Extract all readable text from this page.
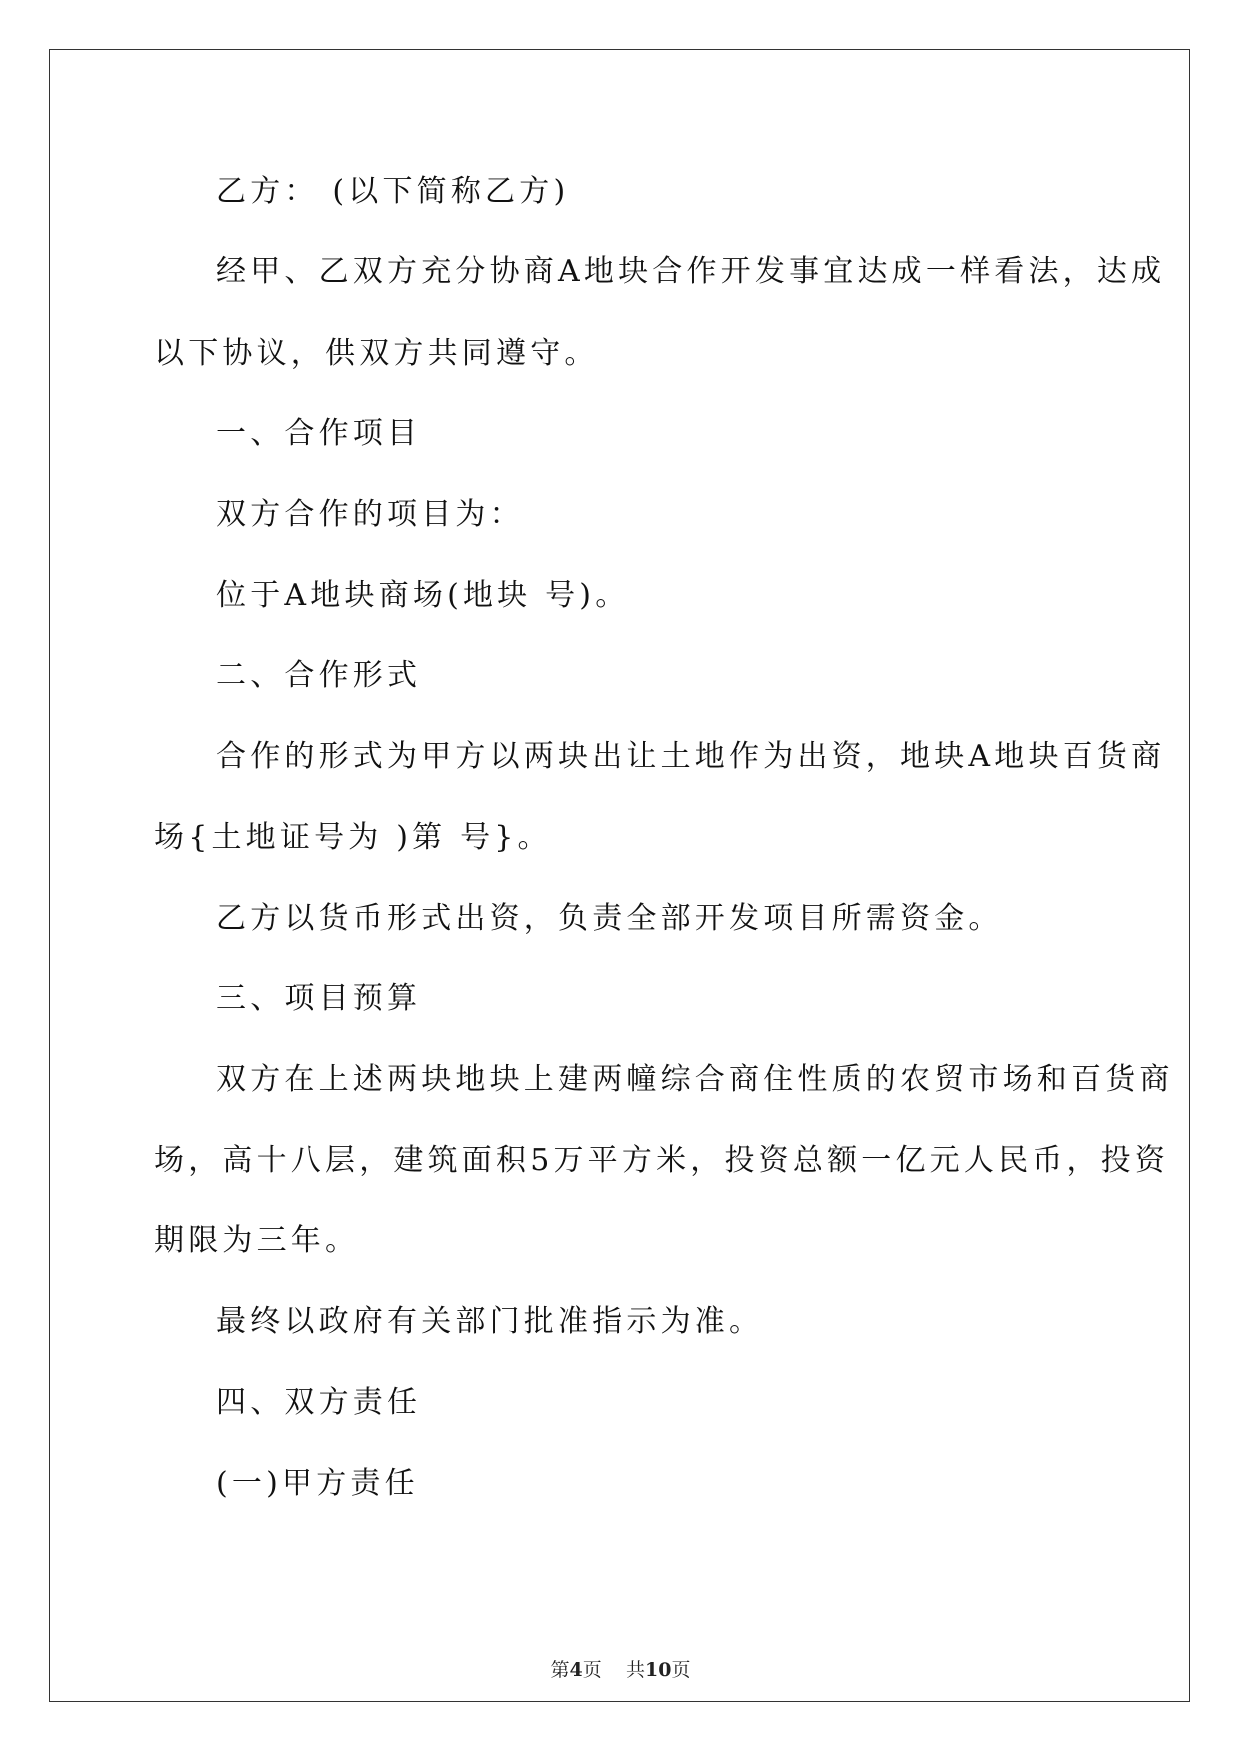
乙方： (以下简称乙方)
经甲、乙双方充分协商A地块合作开发事宜达成一样看法，达成
以下协议，供双方共同遵守。
一、合作项目
双方合作的项目为：
位于A地块商场(地块 号)。
二、合作形式
合作的形式为甲方以两块出让土地作为出资，地块A地块百货商
场{土地证号为 )第 号}。
乙方以货币形式出资，负责全部开发项目所需资金。
三、项目预算
双方在上述两块地块上建两幢综合商住性质的农贸市场和百货商
场，高十八层，建筑面积5万平方米，投资总额一亿元人民币，投资
期限为三年。
最终以政府有关部门批准指示为准。
四、双方责任
(一)甲方责任
第4页 共10页
